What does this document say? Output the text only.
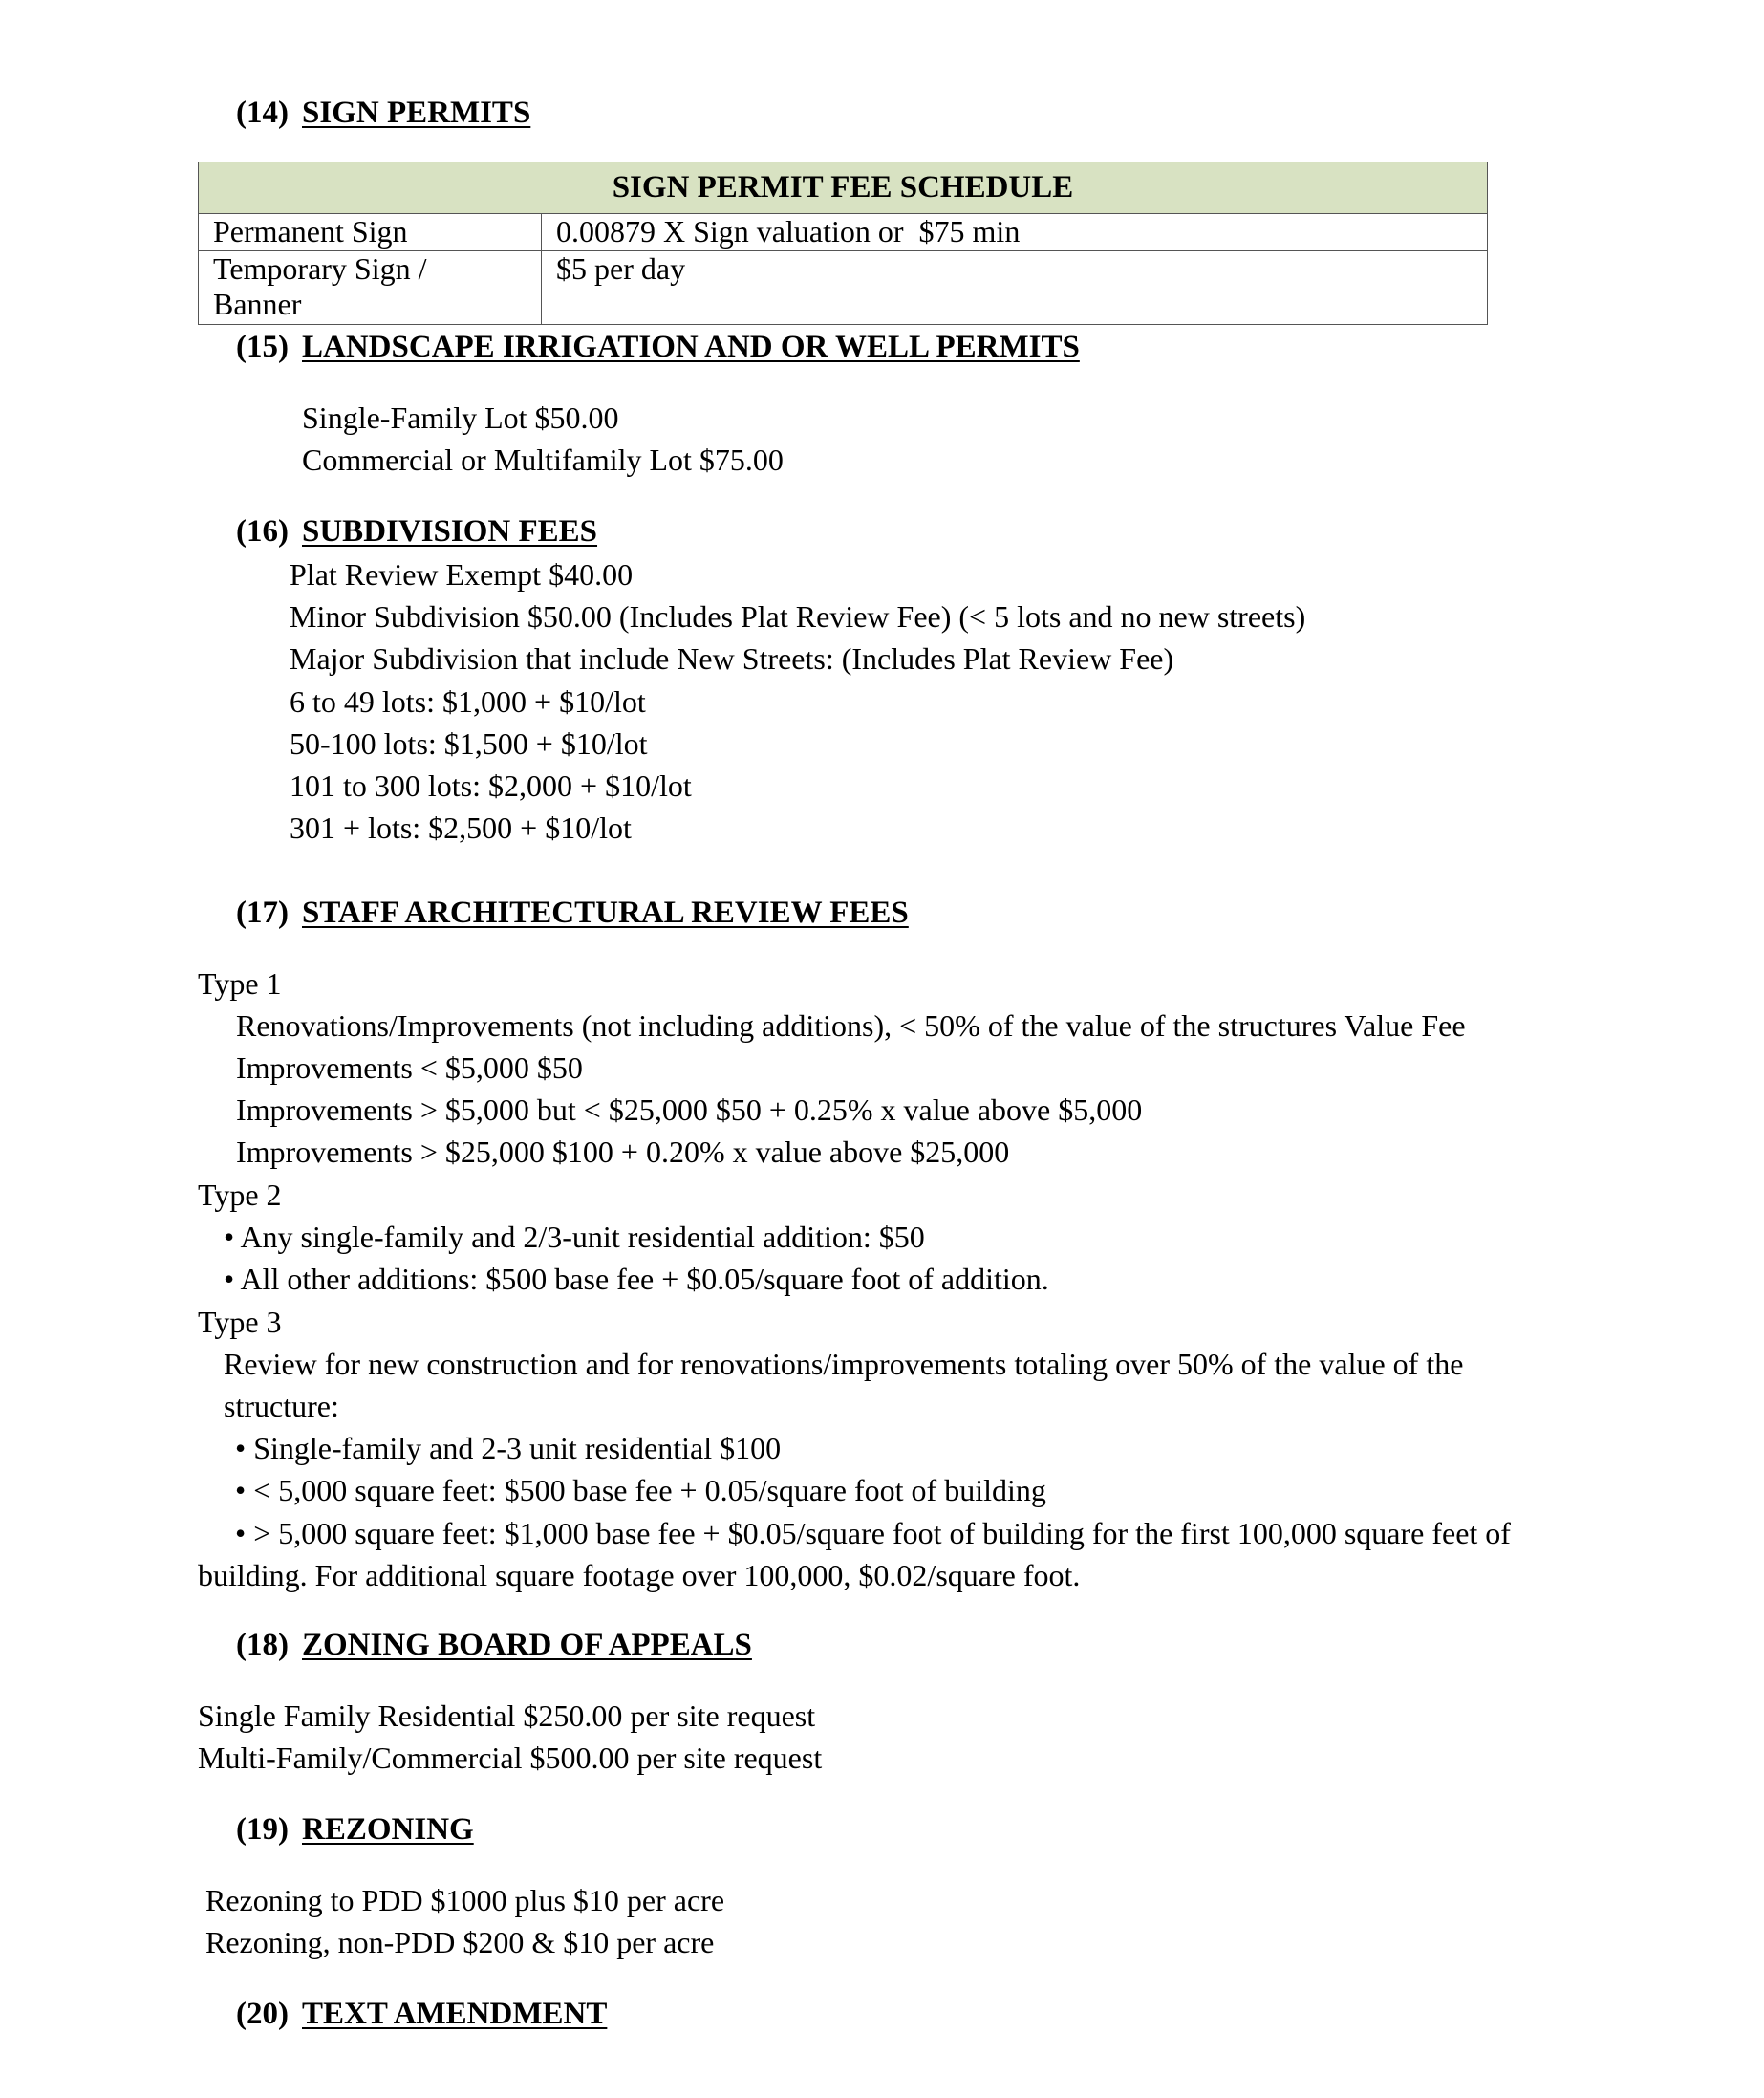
(14) SIGN PERMITS
SIGN PERMIT FEE SCHEDULE	
Permanent Sign	0.00879 X Sign valuation or  $75 min

Temporary Sign /
Banner	$5 per day
(15) LANDSCAPE IRRIGATION AND OR WELL PERMITS
Single-Family Lot $50.00
Commercial or Multifamily Lot $75.00
(16) SUBDIVISION FEES
Plat Review Exempt $40.00
Minor Subdivision $50.00 (Includes Plat Review Fee) (< 5 lots and no new streets)
Major Subdivision that include New Streets: (Includes Plat Review Fee)
6 to 49 lots: $1,000 + $10/lot
50-100 lots: $1,500 + $10/lot
101 to 300 lots: $2,000 + $10/lot
301 + lots: $2,500 + $10/lot
(17) STAFF ARCHITECTURAL REVIEW FEES
Type 1
Renovations/Improvements (not including additions), < 50% of the value of the structures Value Fee
Improvements < $5,000 $50
Improvements > $5,000 but < $25,000 $50 + 0.25% x value above $5,000
Improvements > $25,000 $100 + 0.20% x value above $25,000
Type 2
• Any single-family and 2/3-unit residential addition: $50
• All other additions: $500 base fee + $0.05/square foot of addition.
Type 3
Review for new construction and for renovations/improvements totaling over 50% of the value of the
structure:
• Single-family and 2-3 unit residential $100
• < 5,000 square feet: $500 base fee + 0.05/square foot of building
• > 5,000 square feet: $1,000 base fee + $0.05/square foot of building for the first 100,000 square feet of
building. For additional square footage over 100,000, $0.02/square foot.
(18) ZONING BOARD OF APPEALS
Single Family Residential $250.00 per site request
Multi-Family/Commercial $500.00 per site request
(19) REZONING
Rezoning to PDD $1000 plus $10 per acre
Rezoning, non-PDD $200 & $10 per acre
(20) TEXT AMENDMENT
